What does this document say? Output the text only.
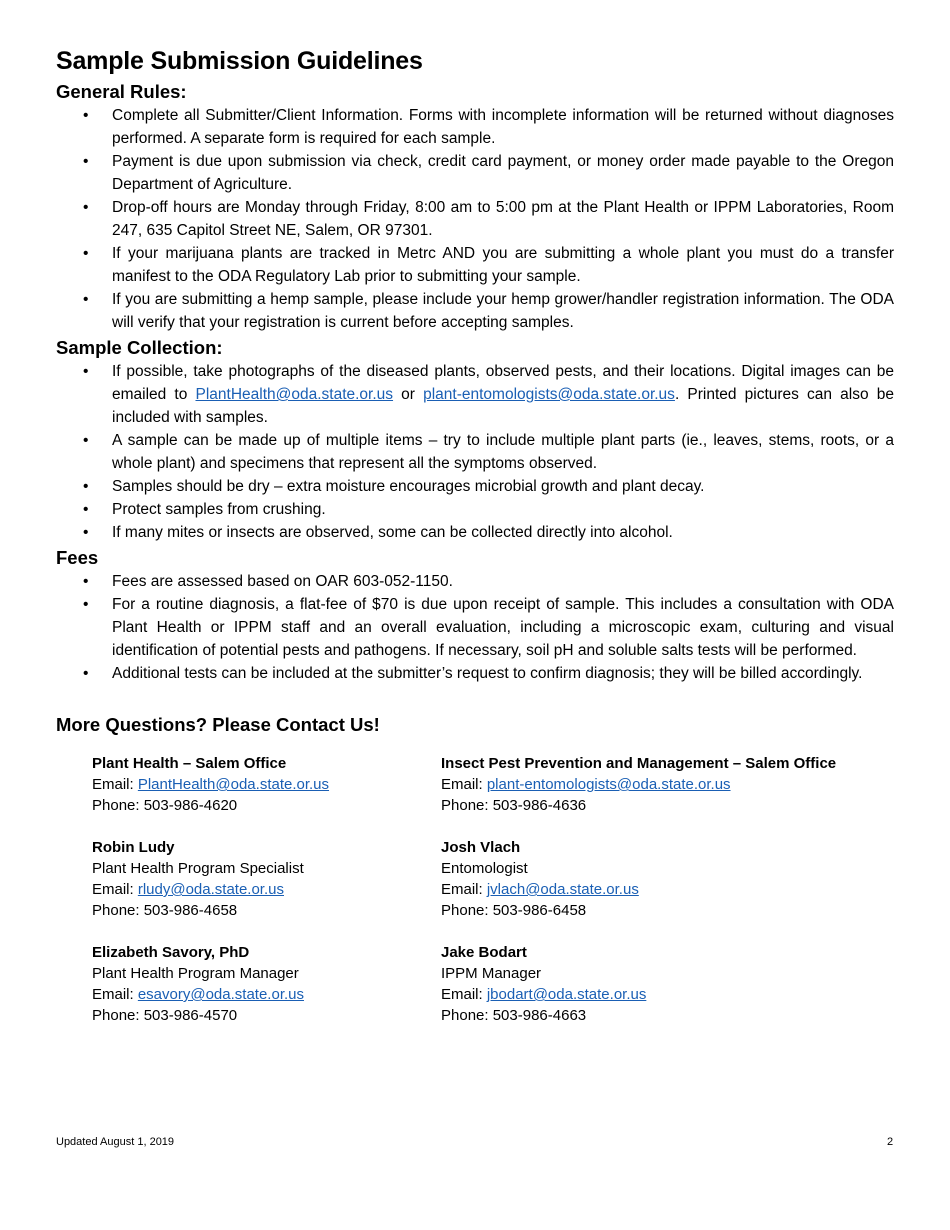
Sample Submission Guidelines
General Rules:
• Complete all Submitter/Client Information. Forms with incomplete information will be returned without diagnoses performed. A separate form is required for each sample.
• Payment is due upon submission via check, credit card payment, or money order made payable to the Oregon Department of Agriculture.
• Drop-off hours are Monday through Friday, 8:00 am to 5:00 pm at the Plant Health or IPPM Laboratories, Room 247, 635 Capitol Street NE, Salem, OR 97301.
• If your marijuana plants are tracked in Metrc AND you are submitting a whole plant you must do a transfer manifest to the ODA Regulatory Lab prior to submitting your sample.
• If you are submitting a hemp sample, please include your hemp grower/handler registration information. The ODA will verify that your registration is current before accepting samples.
Sample Collection:
• If possible, take photographs of the diseased plants, observed pests, and their locations. Digital images can be emailed to PlantHealth@oda.state.or.us or plant-entomologists@oda.state.or.us. Printed pictures can also be included with samples.
• A sample can be made up of multiple items – try to include multiple plant parts (ie., leaves, stems, roots, or a whole plant) and specimens that represent all the symptoms observed.
• Samples should be dry – extra moisture encourages microbial growth and plant decay.
• Protect samples from crushing.
• If many mites or insects are observed, some can be collected directly into alcohol.
Fees
• Fees are assessed based on OAR 603-052-1150.
• For a routine diagnosis, a flat-fee of $70 is due upon receipt of sample. This includes a consultation with ODA Plant Health or IPPM staff and an overall evaluation, including a microscopic exam, culturing and visual identification of potential pests and pathogens. If necessary, soil pH and soluble salts tests will be performed.
• Additional tests can be included at the submitter’s request to confirm diagnosis; they will be billed accordingly.
More Questions? Please Contact Us!
Plant Health – Salem Office
Email: PlantHealth@oda.state.or.us
Phone: 503-986-4620
Insect Pest Prevention and Management – Salem Office
Email: plant-entomologists@oda.state.or.us
Phone: 503-986-4636
Robin Ludy
Plant Health Program Specialist
Email: rludy@oda.state.or.us
Phone: 503-986-4658
Josh Vlach
Entomologist
Email: jvlach@oda.state.or.us
Phone: 503-986-6458
Elizabeth Savory, PhD
Plant Health Program Manager
Email: esavory@oda.state.or.us
Phone: 503-986-4570
Jake Bodart
IPPM Manager
Email: jbodart@oda.state.or.us
Phone: 503-986-4663
Updated August 1, 2019	2
